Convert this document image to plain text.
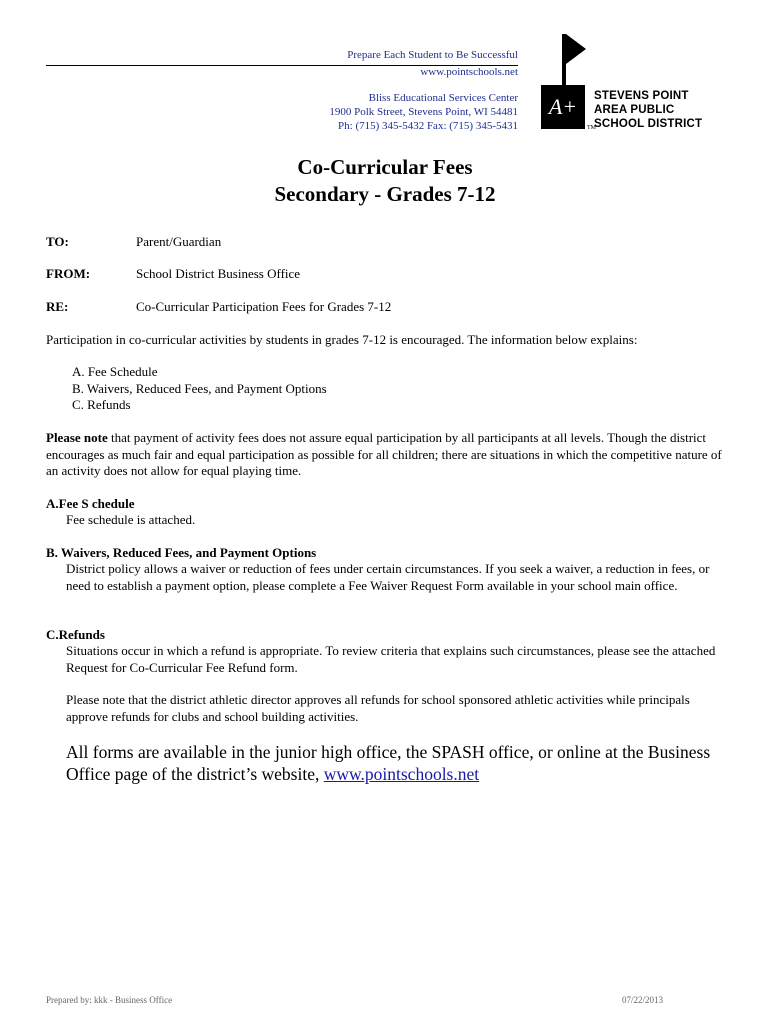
Prepare Each Student to Be Successful
www.pointschools.net
Bliss Educational Services Center
1900 Polk Street, Stevens Point, WI 54481
Ph: (715) 345-5432 Fax: (715) 345-5431
A+
TM
STEVENS POINT
AREA PUBLIC
SCHOOL DISTRICT
Co-Curricular Fees
Secondary - Grades 7-12
TO:	Parent/Guardian
FROM:	School District Business Office
RE:	Co-Curricular Participation Fees for Grades 7-12
Participation in co-curricular activities by students in grades 7-12 is encouraged. The information below explains:
A. Fee Schedule
B. Waivers, Reduced Fees, and Payment Options
C. Refunds
Please note that payment of activity fees does not assure equal participation by all participants at all levels. Though the district encourages as much fair and equal participation as possible for all children; there are situations in which the competitive nature of an activity does not allow for equal playing time.
A.Fee S chedule
Fee schedule is attached.
B. Waivers, Reduced Fees, and Payment Options
District policy allows a waiver or reduction of fees under certain circumstances. If you seek a waiver, a reduction in fees, or need to establish a payment option, please complete a Fee Waiver Request Form available in your school main office.
C.Refunds
Situations occur in which a refund is appropriate. To review criteria that explains such circumstances, please see the attached Request for Co-Curricular Fee Refund form.
Please note that the district athletic director approves all refunds for school sponsored athletic activities while principals approve refunds for clubs and school building activities.
All forms are available in the junior high office, the SPASH office, or online at the Business Office page of the district’s website, www.pointschools.net
Prepared by: kkk - Business Office	07/22/2013
